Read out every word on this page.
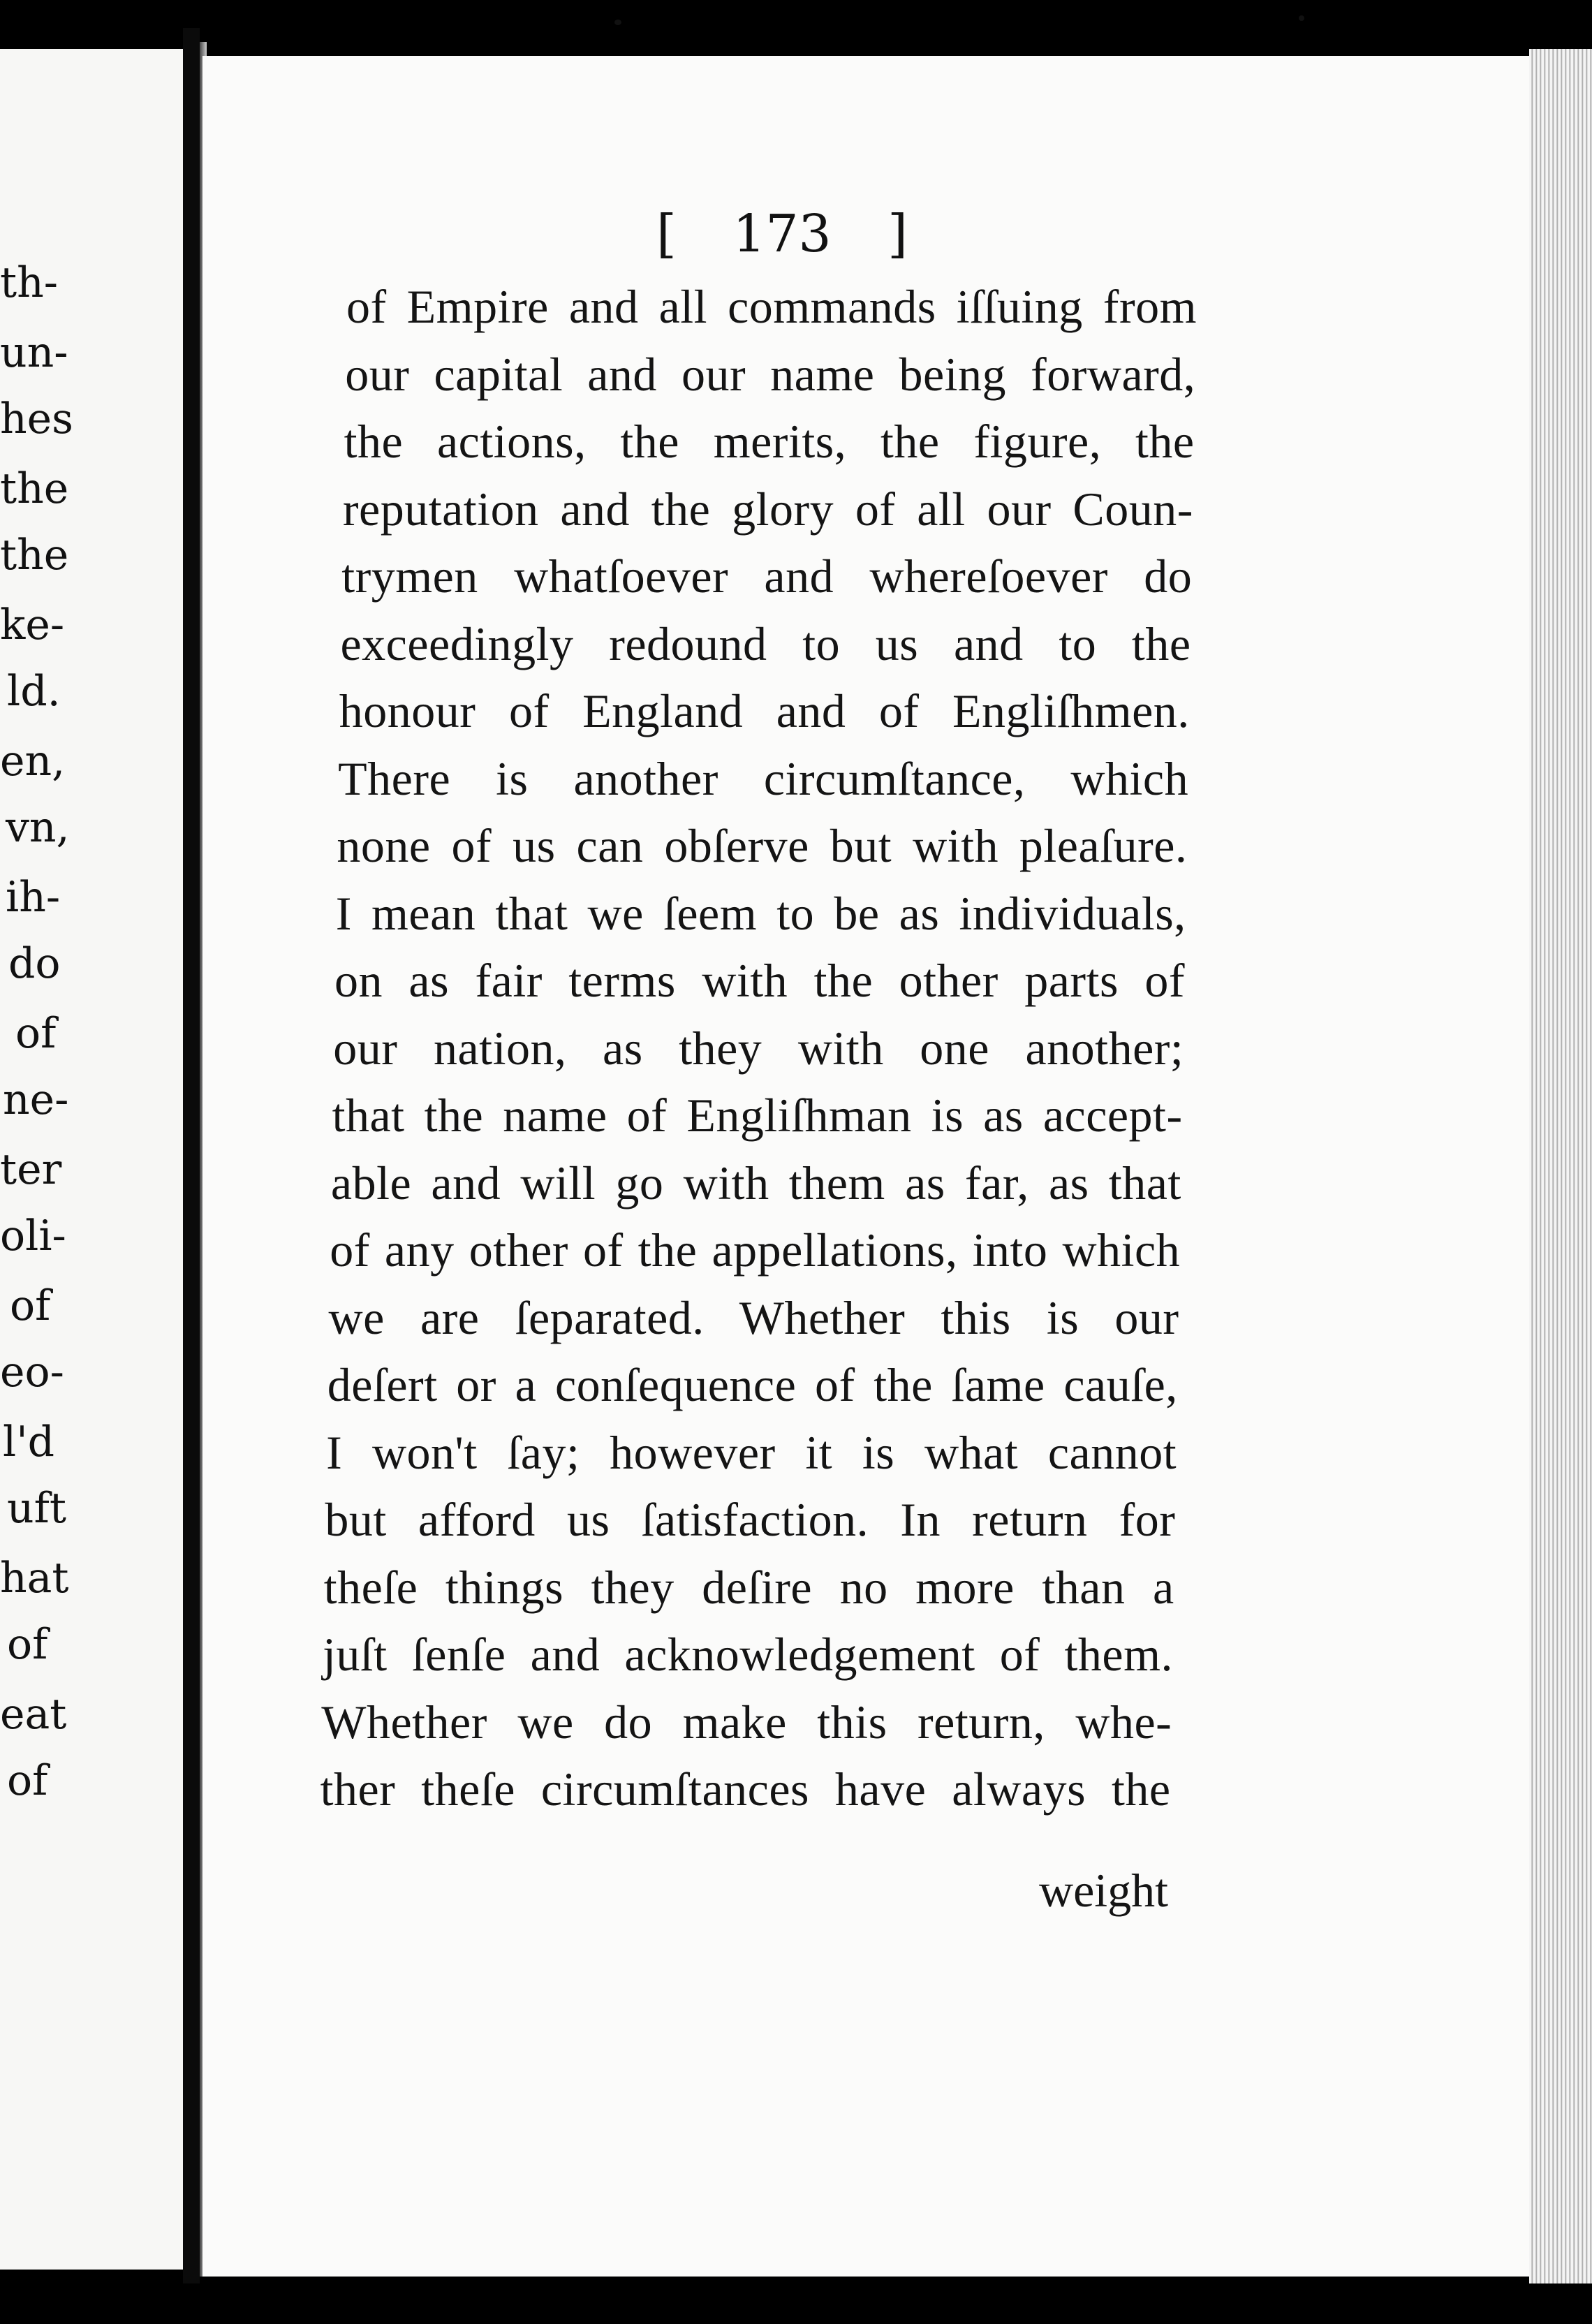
th-
un-
hes
the
the
ke-
ld.
en,
vn,
ih-
do
of
ne-
ter
oli-
of
eo-
l'd
uft
hat
of
eat
of
[ 173 ]
of Empire and all commands iſſuing from
our capital and our name being forward,
the actions, the merits, the figure, the
reputation and the glory of all our Coun-
trymen whatſoever and whereſoever do
exceedingly redound to us and to the
honour of England and of Engliſhmen.
There is another circumſtance, which
none of us can obſerve but with pleaſure.
I mean that we ſeem to be as individuals,
on as fair terms with the other parts of
our nation, as they with one another;
that the name of Engliſhman is as accept-
able and will go with them as far, as that
of any other of the appellations, into which
we are ſeparated. Whether this is our
deſert or a conſequence of the ſame cauſe,
I won't ſay; however it is what cannot
but afford us ſatisfaction. In return for
theſe things they deſire no more than a
juſt ſenſe and acknowledgement of them.
Whether we do make this return, whe-
ther theſe circumſtances have always the
weight
